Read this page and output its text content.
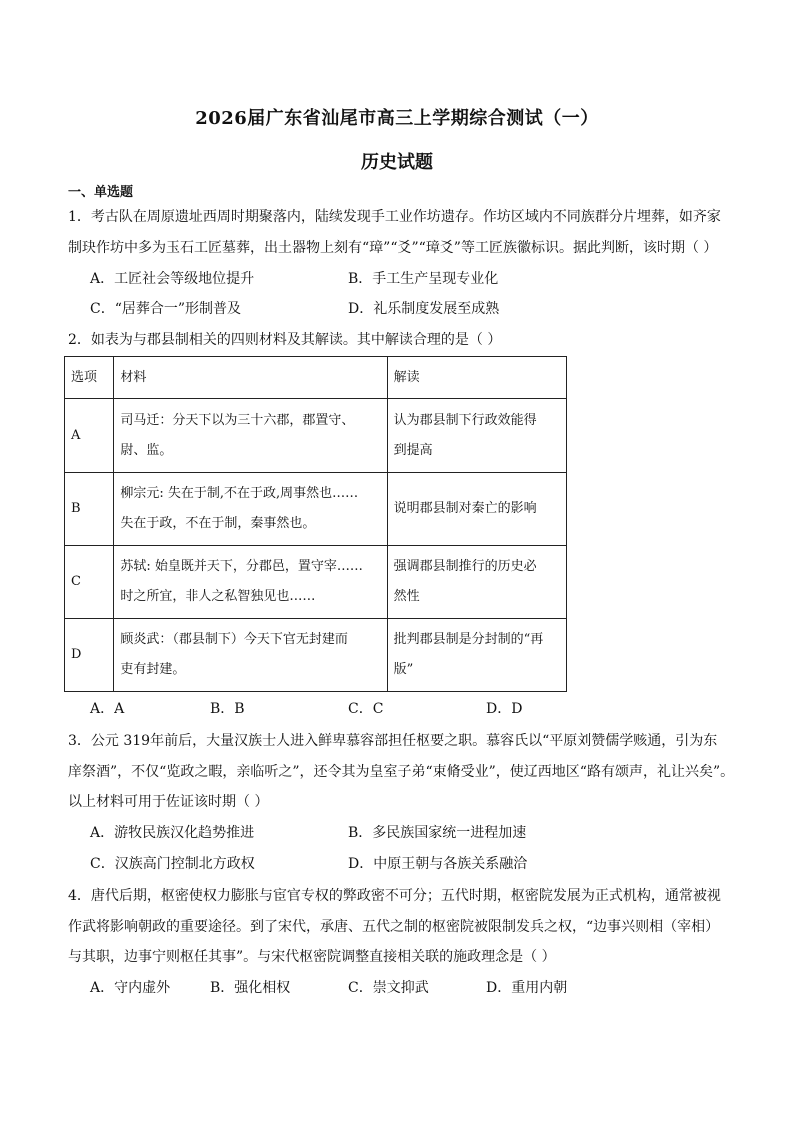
2026届广东省汕尾市高三上学期综合测试（一）
历史试题
一、单选题
1．考古队在周原遗址西周时期聚落内，陆续发现手工业作坊遗存。作坊区域内不同族群分片埋葬，如齐家
制玦作坊中多为玉石工匠墓葬，出土器物上刻有“璋”“爻”“璋爻”等工匠族徽标识。据此判断，该时期（ ）
A．工匠社会等级地位提升	B．手工生产呈现专业化
C．“居葬合一”形制普及	D．礼乐制度发展至成熟
2．如表为与郡县制相关的四则材料及其解读。其中解读合理的是（ ）
选项	材料	解读
A	司马迁：分天下以为三十六郡，郡置守、
尉、监。	认为郡县制下行政效能得
到提高

B	柳宗元: 失在于制,不在于政,周事然也……
失在于政，不在于制，秦事然也。	说明郡县制对秦亡的影响

C	苏轼: 始皇既并天下，分郡邑，置守宰……
时之所宜，非人之私智独见也……	强调郡县制推行的历史必
然性

D	顾炎武：（郡县制下）今天下官无封建而
吏有封建。	批判郡县制是分封制的“再
版”
A．A	B．B	C．C	D．D
3．公元 319年前后，大量汉族士人进入鲜卑慕容部担任枢要之职。慕容氏以“平原刘赞儒学赅通，引为东
庠祭酒”，不仅“览政之暇，亲临听之”，还令其为皇室子弟“束脩受业”，使辽西地区“路有颂声，礼让兴矣”。
以上材料可用于佐证该时期（ ）
A．游牧民族汉化趋势推进	B．多民族国家统一进程加速
C．汉族高门控制北方政权	D．中原王朝与各族关系融洽
4．唐代后期，枢密使权力膨胀与宦官专权的弊政密不可分；五代时期，枢密院发展为正式机构，通常被视
作武将影响朝政的重要途径。到了宋代，承唐、五代之制的枢密院被限制发兵之权，“边事兴则相（宰相）
与其职，边事宁则枢任其事”。与宋代枢密院调整直接相关联的施政理念是（ ）
A．守内虚外	B．强化相权	C．崇文抑武	D．重用内朝
